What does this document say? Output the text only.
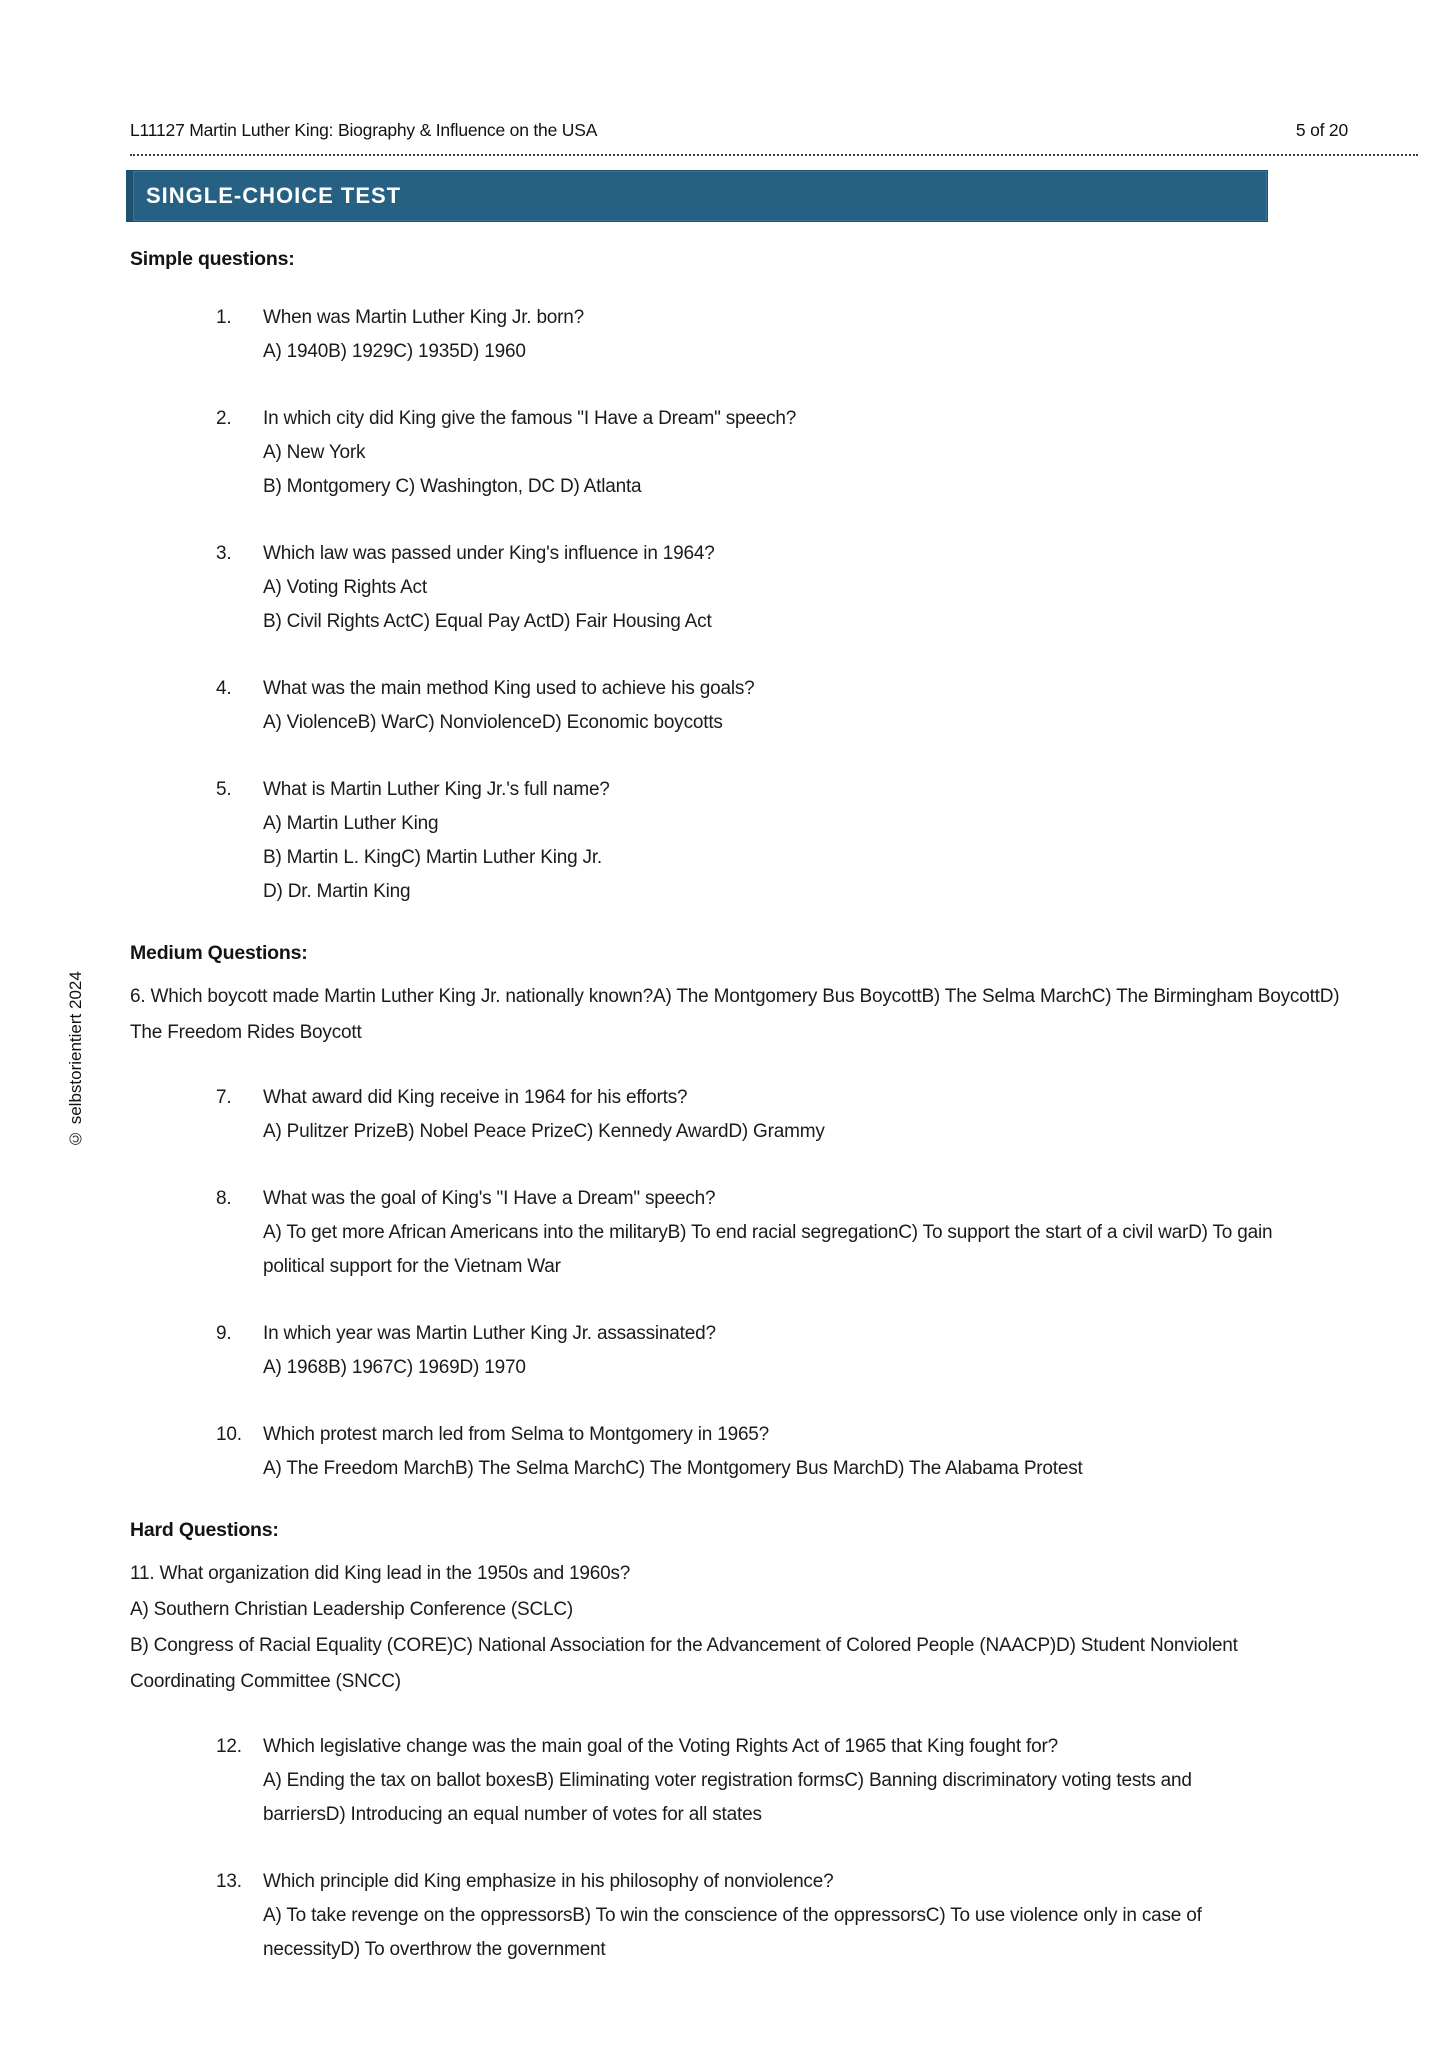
L11127 Martin Luther King: Biography & Influence on the USA	5 of 20
SINGLE-CHOICE TEST
© selbstorientiert 2024
Simple questions:
1.	When was Martin Luther King Jr. born?
A) 1940B) 1929C) 1935D) 1960
2.	In which city did King give the famous "I Have a Dream" speech?
A) New York
B) Montgomery C) Washington, DC D) Atlanta
3.	Which law was passed under King's influence in 1964?
A) Voting Rights Act
B) Civil Rights ActC) Equal Pay ActD) Fair Housing Act
4.	What was the main method King used to achieve his goals?
A) ViolenceB) WarC) NonviolenceD) Economic boycotts
5.	What is Martin Luther King Jr.'s full name?
A) Martin Luther King
B) Martin L. KingC) Martin Luther King Jr.
D) Dr. Martin King
Medium Questions:
6. Which boycott made Martin Luther King Jr. nationally known?A) The Montgomery Bus BoycottB) The Selma MarchC) The Birmingham BoycottD) The Freedom Rides Boycott
7.	What award did King receive in 1964 for his efforts?
A) Pulitzer PrizeB) Nobel Peace PrizeC) Kennedy AwardD) Grammy
8.	What was the goal of King's "I Have a Dream" speech?
A) To get more African Americans into the militaryB) To end racial segregationC) To support the start of a civil warD) To gain political support for the Vietnam War
9.	In which year was Martin Luther King Jr. assassinated?
A) 1968B) 1967C) 1969D) 1970
10.	Which protest march led from Selma to Montgomery in 1965?
A) The Freedom MarchB) The Selma MarchC) The Montgomery Bus MarchD) The Alabama Protest
Hard Questions:
11. What organization did King lead in the 1950s and 1960s?
A) Southern Christian Leadership Conference (SCLC)
B) Congress of Racial Equality (CORE)C) National Association for the Advancement of Colored People (NAACP)D) Student Nonviolent Coordinating Committee (SNCC)
12.	Which legislative change was the main goal of the Voting Rights Act of 1965 that King fought for?
A) Ending the tax on ballot boxesB) Eliminating voter registration formsC) Banning discriminatory voting tests and barriersD) Introducing an equal number of votes for all states
13.	Which principle did King emphasize in his philosophy of nonviolence?
A) To take revenge on the oppressorsB) To win the conscience of the oppressorsC) To use violence only in case of necessityD) To overthrow the government
